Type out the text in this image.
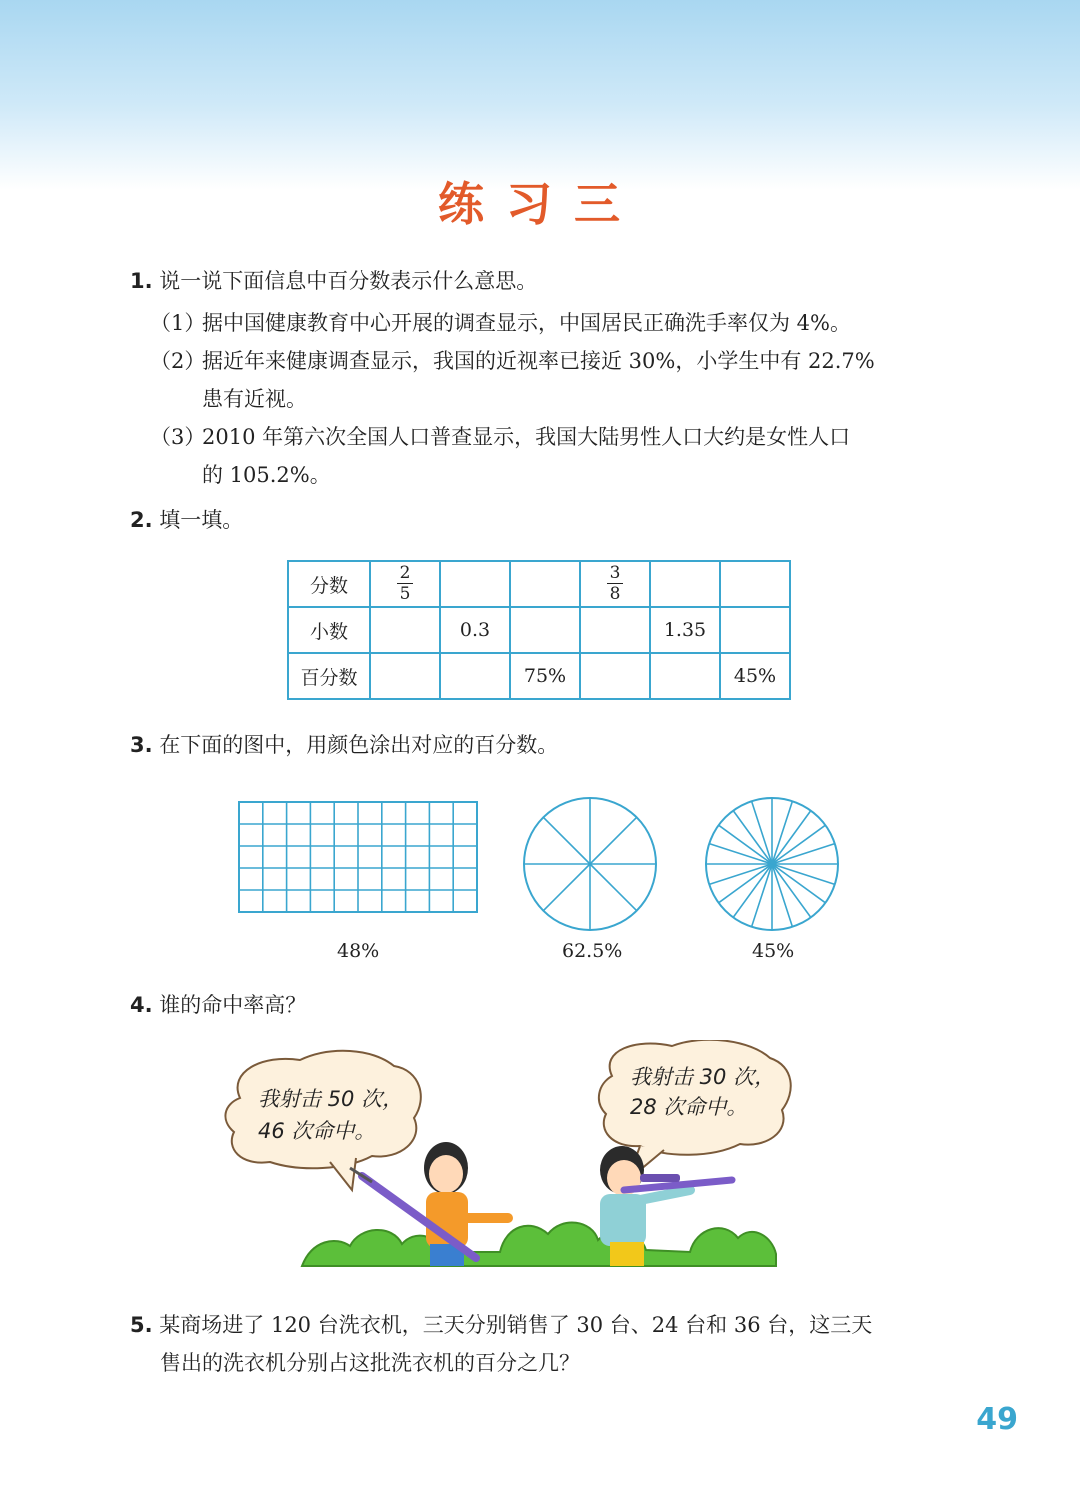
练习三
1. 说一说下面信息中百分数表示什么意思。
（1）据中国健康教育中心开展的调查显示，中国居民正确洗手率仅为 4%。
（2）据近年来健康调查显示，我国的近视率已接近 30%，小学生中有 22.7%
患有近视。
（3）2010 年第六次全国人口普查显示，我国大陆男性人口大约是女性人口
的 105.2%。
2. 填一填。
分数	$\frac{2}{5}$			$\frac{3}{8}$

小数		0.3			1.35	
百分数			75%			45%
3. 在下面的图中，用颜色涂出对应的百分数。
48%	62.5%	45%
4. 谁的命中率高？
我射击 50 次，
46 次命中。
我射击 30 次，
28 次命中。
5. 某商场进了 120 台洗衣机，三天分别销售了 30 台、24 台和 36 台，这三天
售出的洗衣机分别占这批洗衣机的百分之几？
49
